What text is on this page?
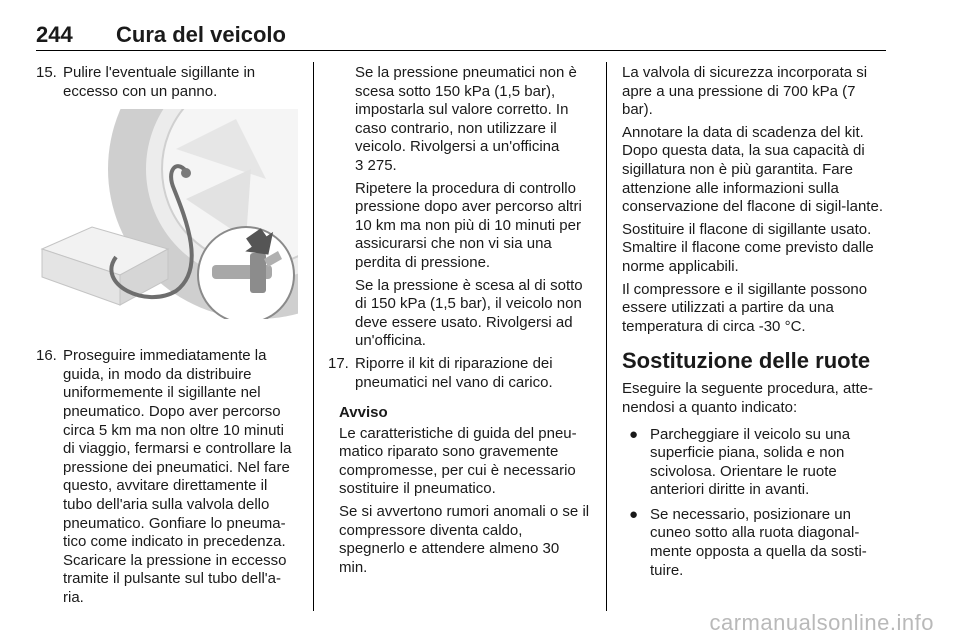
244 Cura del veicolo
15. Pulire l'eventuale sigillante in eccesso con un panno.
16. Proseguire immediatamente la guida, in modo da distribuire uniformemente il sigillante nel pneumatico. Dopo aver percorso circa 5 km ma non oltre 10 minuti di viaggio, fermarsi e controllare la pressione dei pneumatici. Nel fare questo, avvitare direttamente il tubo dell'aria sulla valvola dello pneumatico. Gonfiare lo pneuma-tico come indicato in precedenza. Scaricare la pressione in eccesso tramite il pulsante sul tubo dell'a-ria.

Se la pressione pneumatici non è scesa sotto 150 kPa (1,5 bar), impostarla sul valore corretto. In caso contrario, non utilizzare il veicolo. Rivolgersi a un'officina
3 275.

Ripetere la procedura di controllo pressione dopo aver percorso altri 10 km ma non più di 10 minuti per assicurarsi che non vi sia una perdita di pressione.

Se la pressione è scesa al di sotto di 150 kPa (1,5 bar), il veicolo non deve essere usato. Rivolgersi ad un'officina.

17. Riporre il kit di riparazione dei pneumatici nel vano di carico.

Avviso

Le caratteristiche di guida del pneu-matico riparato sono gravemente compromesse, per cui è necessario sostituire il pneumatico.

Se si avvertono rumori anomali o se il compressore diventa caldo, spegnerlo e attendere almeno 30 min.

La valvola di sicurezza incorporata si apre a una pressione di 700 kPa (7 bar).

Annotare la data di scadenza del kit. Dopo questa data, la sua capacità di sigillatura non è più garantita. Fare attenzione alle informazioni sulla conservazione del flacone di sigil-lante.

Sostituire il flacone di sigillante usato. Smaltire il flacone come previsto dalle norme applicabili.

Il compressore e il sigillante possono essere utilizzati a partire da una temperatura di circa -30 °C.

Sostituzione delle ruote

Eseguire la seguente procedura, atte-nendosi a quanto indicato:

● Parcheggiare il veicolo su una superficie piana, solida e non scivolosa. Orientare le ruote anteriori diritte in avanti.
● Se necessario, posizionare un cuneo sotto alla ruota diagonal-mente opposta a quella da sosti-tuire.
carmanualsonline.info
